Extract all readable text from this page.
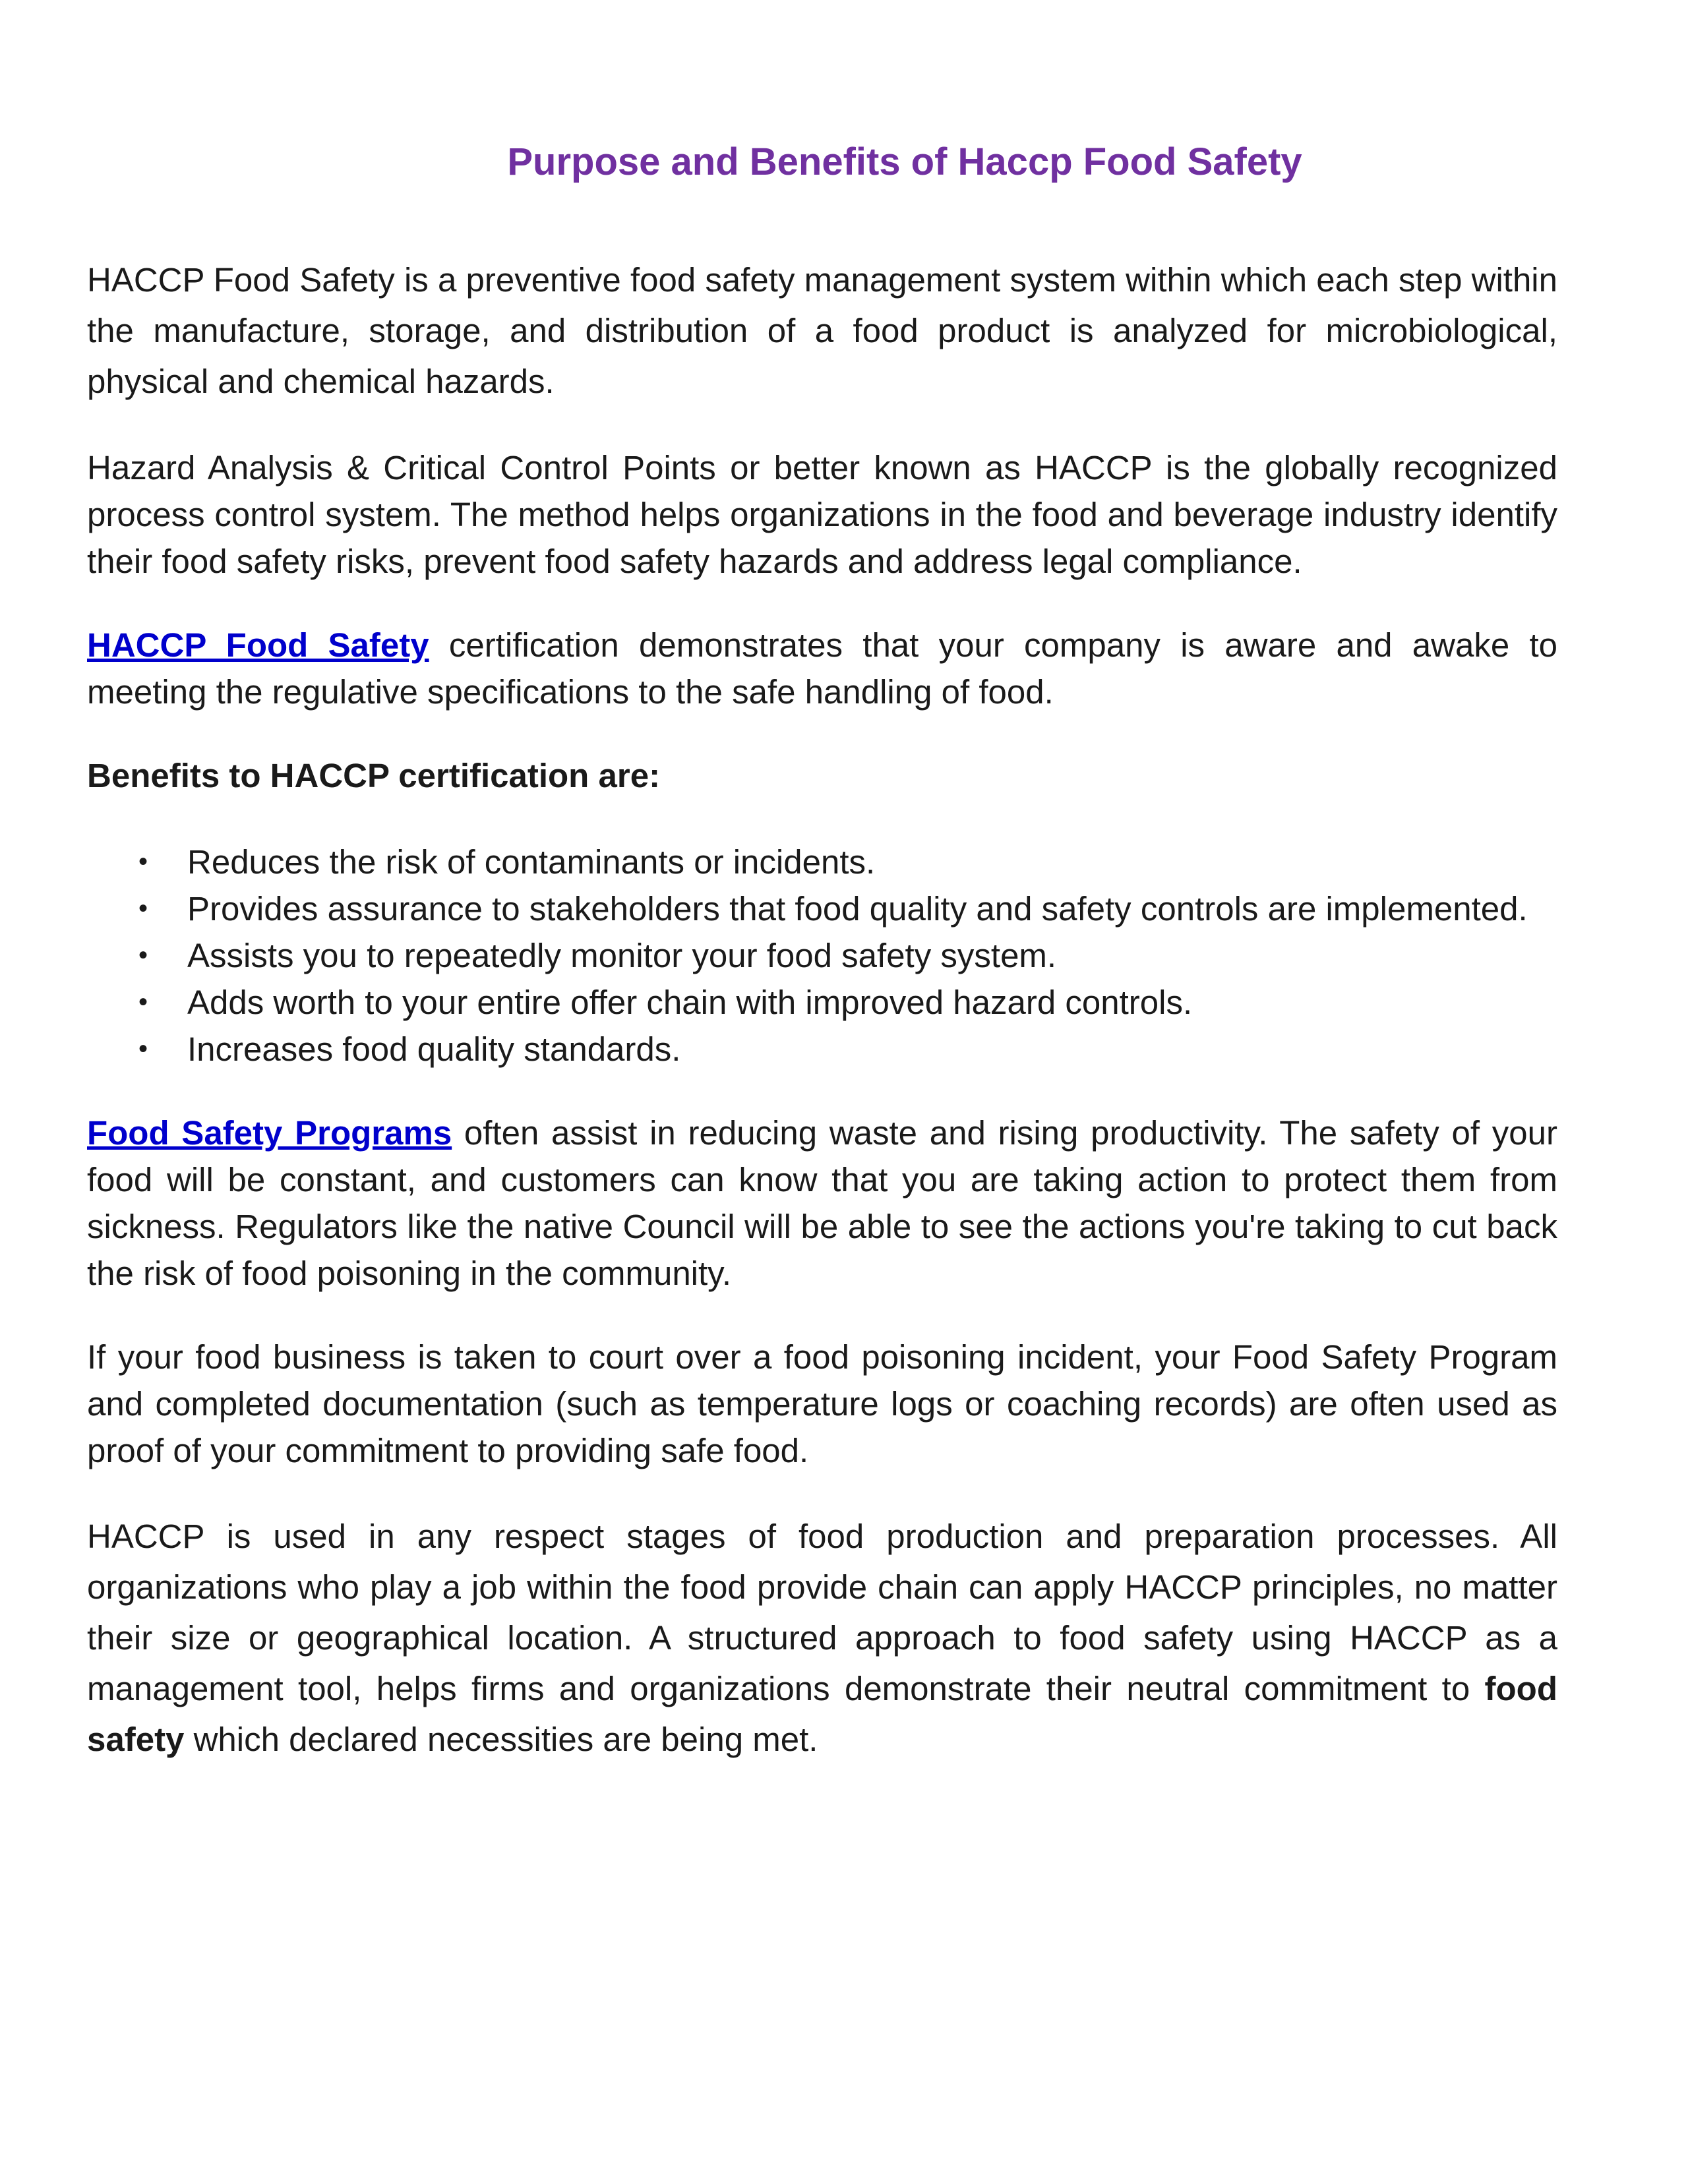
Purpose and Benefits of Haccp Food Safety

HACCP Food Safety is a preventive food safety management system within which each step within the manufacture, storage, and distribution of a food product is analyzed for microbiological, physical and chemical hazards.

Hazard Analysis & Critical Control Points or better known as HACCP is the globally recognized process control system. The method helps organizations in the food and beverage industry identify their food safety risks, prevent food safety hazards and address legal compliance.

HACCP Food Safety certification demonstrates that your company is aware and awake to meeting the regulative specifications to the safe handling of food.

Benefits to HACCP certification are:

• Reduces the risk of contaminants or incidents.
• Provides assurance to stakeholders that food quality and safety controls are implemented.
• Assists you to repeatedly monitor your food safety system.
• Adds worth to your entire offer chain with improved hazard controls.
• Increases food quality standards.

Food Safety Programs often assist in reducing waste and rising productivity. The safety of your food will be constant, and customers can know that you are taking action to protect them from sickness. Regulators like the native Council will be able to see the actions you're taking to cut back the risk of food poisoning in the community.

If your food business is taken to court over a food poisoning incident, your Food Safety Program and completed documentation (such as temperature logs or coaching records) are often used as proof of your commitment to providing safe food.

HACCP is used in any respect stages of food production and preparation processes. All organizations who play a job within the food provide chain can apply HACCP principles, no matter their size or geographical location. A structured approach to food safety using HACCP as a management tool, helps firms and organizations demonstrate their neutral commitment to food safety which declared necessities are being met.
